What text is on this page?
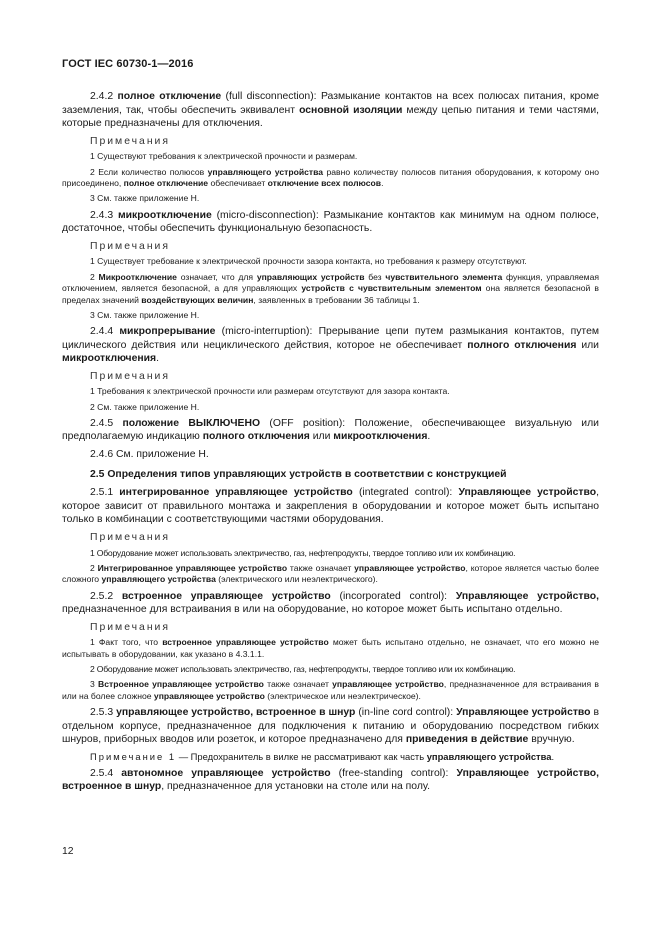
ГОСТ IEC 60730-1—2016

2.4.2 полное отключение (full disconnection): Размыкание контактов на всех полюсах питания, кроме заземления, так, чтобы обеспечить эквивалент основной изоляции между цепью питания и теми частями, которые предназначены для отключения.

Примечания

1 Существуют требования к электрической прочности и размерам.

2 Если количество полюсов управляющего устройства равно количеству полюсов питания оборудования, к которому оно присоединено, полное отключение обеспечивает отключение всех полюсов.

3 См. также приложение Н.

2.4.3 микроотключение (micro-disconnection): Размыкание контактов как минимум на одном полюсе, достаточное, чтобы обеспечить функциональную безопасность.

Примечания

1 Существует требование к электрической прочности зазора контакта, но требования к размеру отсутствуют.

2 Микроотключение означает, что для управляющих устройств без чувствительного элемента функция, управляемая отключением, является безопасной, а для управляющих устройств с чувствительным элементом она является безопасной в пределах значений воздействующих величин, заявленных в требовании 36 таблицы 1.

3 См. также приложение Н.

2.4.4 микропрерывание (micro-interruption): Прерывание цепи путем размыкания контактов, путем циклического действия или нециклического действия, которое не обеспечивает полного отключения или микроотключения.

Примечания

1 Требования к электрической прочности или размерам отсутствуют для зазора контакта.

2 См. также приложение Н.

2.4.5 положение ВЫКЛЮЧЕНО (OFF position): Положение, обеспечивающее визуальную или предполагаемую индикацию полного отключения или микроотключения.

2.4.6 См. приложение Н.

2.5 Определения типов управляющих устройств в соответствии с конструкцией

2.5.1 интегрированное управляющее устройство (integrated control): Управляющее устройство, которое зависит от правильного монтажа и закрепления в оборудовании и которое может быть испытано только в комбинации с соответствующими частями оборудования.

Примечания

1 Оборудование может использовать электричество, газ, нефтепродукты, твердое топливо или их комбинацию.

2 Интегрированное управляющее устройство также означает управляющее устройство, которое является частью более сложного управляющего устройства (электрического или неэлектрического).

2.5.2 встроенное управляющее устройство (incorporated control): Управляющее устройство, предназначенное для встраивания в или на оборудование, но которое может быть испытано отдельно.

Примечания

1 Факт того, что встроенное управляющее устройство может быть испытано отдельно, не означает, что его можно не испытывать в оборудовании, как указано в 4.3.1.1.

2 Оборудование может использовать электричество, газ, нефтепродукты, твердое топливо или их комбинацию.

3 Встроенное управляющее устройство также означает управляющее устройство, предназначенное для встраивания в или на более сложное управляющее устройство (электрическое или неэлектрическое).

2.5.3 управляющее устройство, встроенное в шнур (in-line cord control): Управляющее устройство в отдельном корпусе, предназначенное для подключения к питанию и оборудованию посредством гибких шнуров, приборных вводов или розеток, и которое предназначено для приведения в действие вручную.

Примечание 1 — Предохранитель в вилке не рассматривают как часть управляющего устройства.

2.5.4 автономное управляющее устройство (free-standing control): Управляющее устройство, встроенное в шнур, предназначенное для установки на столе или на полу.

12
